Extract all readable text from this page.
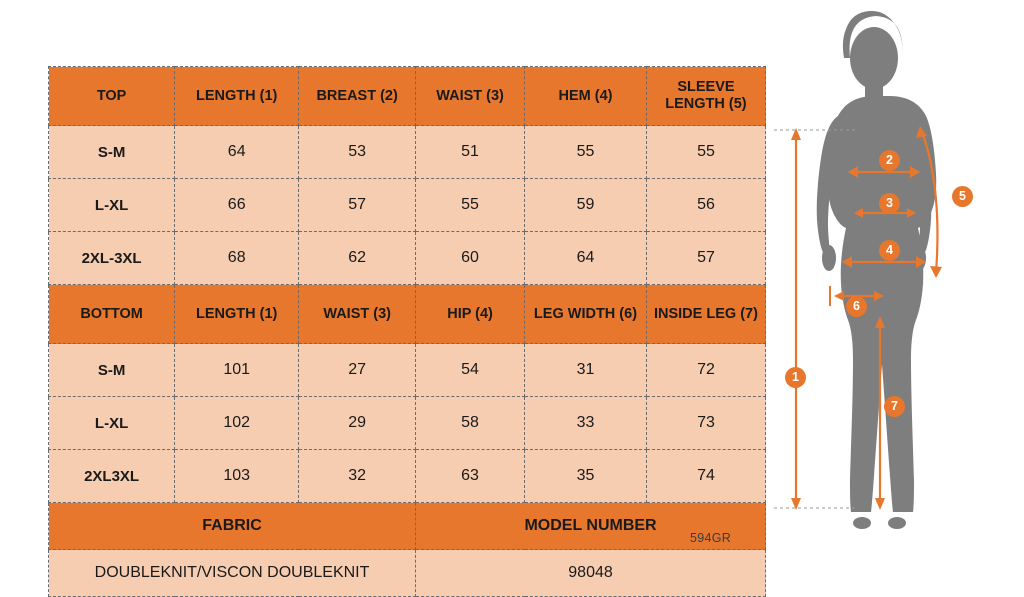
TOP	LENGTH (1)	BREAST (2)	WAIST (3)	HEM (4)	SLEEVE LENGTH (5)
S-M	64	53	51	55	55
L-XL	66	57	55	59	56
2XL-3XL	68	62	60	64	57
BOTTOM	LENGTH (1)	WAIST (3)	HIP (4)	LEG WIDTH (6)	INSIDE LEG (7)
S-M	101	27	54	31	72
L-XL	102	29	58	33	73
2XL3XL	103	32	63	35	74
FABRIC			MODEL NUMBER		
DOUBLEKNIT/VISCON DOUBLEKNIT			98048		
594GR
2
3
4
5
6
1
7
